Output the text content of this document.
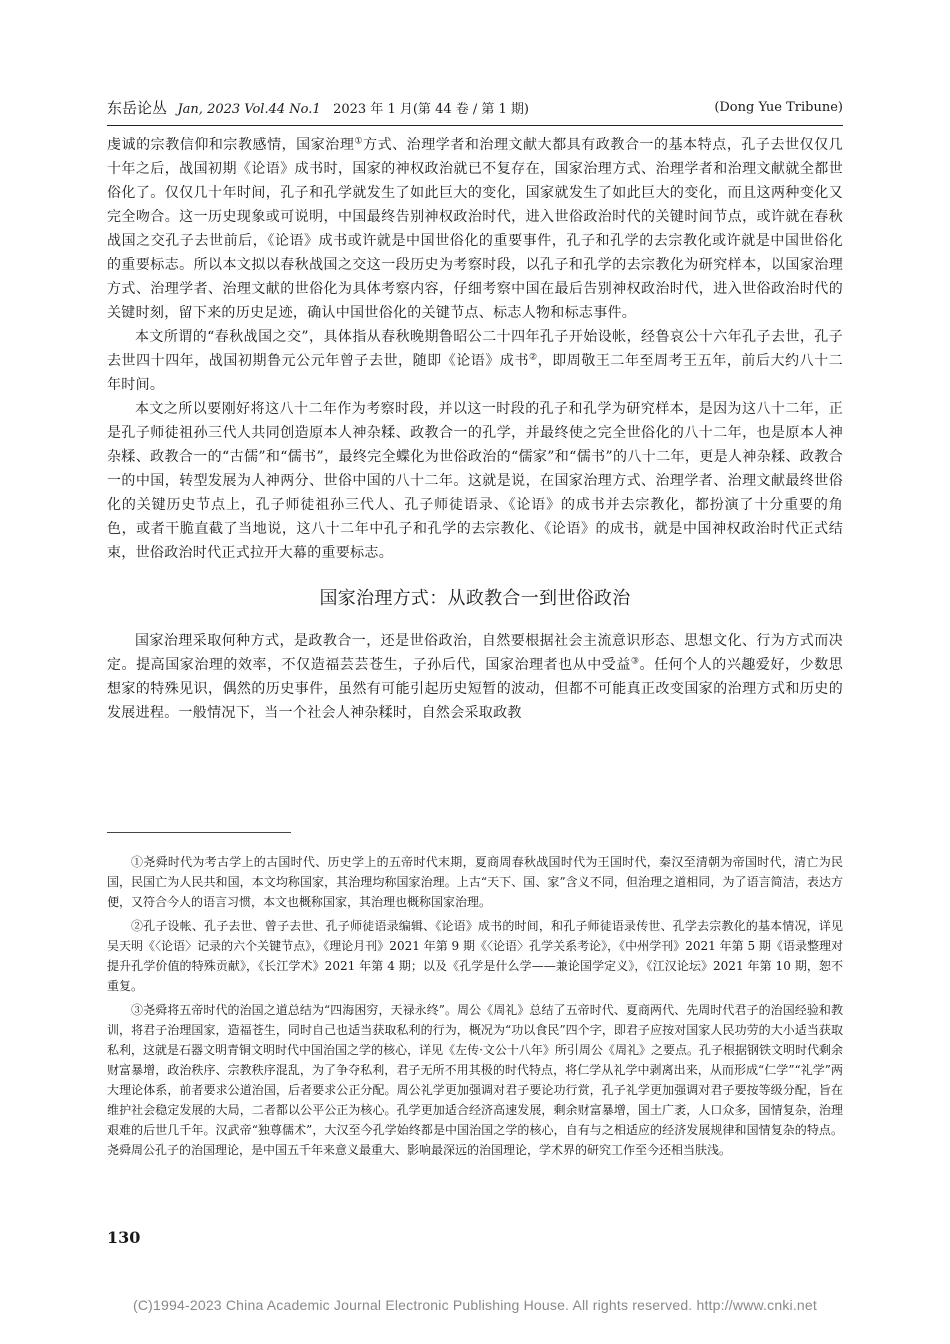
东岳论丛 Jan, 2023 Vol.44 No.1 2023 年 1 月(第 44 卷 / 第 1 期)	(Dong Yue Tribune)

虔诚的宗教信仰和宗教感情，国家治理①方式、治理学者和治理文献大都具有政教合一的基本特点，孔子去世仅仅几十年之后，战国初期《论语》成书时，国家的神权政治就已不复存在，国家治理方式、治理学者和治理文献就全都世俗化了。仅仅几十年时间，孔子和孔学就发生了如此巨大的变化，国家就发生了如此巨大的变化，而且这两种变化又完全吻合。这一历史现象或可说明，中国最终告别神权政治时代，进入世俗政治时代的关键时间节点，或许就在春秋战国之交孔子去世前后，《论语》成书或许就是中国世俗化的重要事件，孔子和孔学的去宗教化或许就是中国世俗化的重要标志。所以本文拟以春秋战国之交这一段历史为考察时段，以孔子和孔学的去宗教化为研究样本，以国家治理方式、治理学者、治理文献的世俗化为具体考察内容，仔细考察中国在最后告别神权政治时代，进入世俗政治时代的关键时刻，留下来的历史足迹，确认中国世俗化的关键节点、标志人物和标志事件。

本文所谓的“春秋战国之交”，具体指从春秋晚期鲁昭公二十四年孔子开始设帐，经鲁哀公十六年孔子去世，孔子去世四十四年，战国初期鲁元公元年曾子去世，随即《论语》成书②，即周敬王二年至周考王五年，前后大约八十二年时间。

本文之所以要刚好将这八十二年作为考察时段，并以这一时段的孔子和孔学为研究样本，是因为这八十二年，正是孔子师徒祖孙三代人共同创造原本人神杂糅、政教合一的孔学，并最终使之完全世俗化的八十二年，也是原本人神杂糅、政教合一的“古儒”和“儒书”，最终完全蝶化为世俗政治的“儒家”和“儒书”的八十二年，更是人神杂糅、政教合一的中国，转型发展为人神两分、世俗中国的八十二年。这就是说，在国家治理方式、治理学者、治理文献最终世俗化的关键历史节点上，孔子师徒祖孙三代人、孔子师徒语录、《论语》的成书并去宗教化，都扮演了十分重要的角色，或者干脆直截了当地说，这八十二年中孔子和孔学的去宗教化、《论语》的成书，就是中国神权政治时代正式结束，世俗政治时代正式拉开大幕的重要标志。

国家治理方式：从政教合一到世俗政治

国家治理采取何种方式，是政教合一，还是世俗政治，自然要根据社会主流意识形态、思想文化、行为方式而决定。提高国家治理的效率，不仅造福芸芸苍生，子孙后代，国家治理者也从中受益③。任何个人的兴趣爱好，少数思想家的特殊见识，偶然的历史事件，虽然有可能引起历史短暂的波动，但都不可能真正改变国家的治理方式和历史的发展进程。一般情况下，当一个社会人神杂糅时，自然会采取政教

①尧舜时代为考古学上的古国时代、历史学上的五帝时代末期，夏商周春秋战国时代为王国时代，秦汉至清朝为帝国时代，清亡为民国，民国亡为人民共和国，本文均称国家，其治理均称国家治理。上古“天下、国、家”含义不同，但治理之道相同，为了语言简洁，表达方便，又符合今人的语言习惯，本文也概称国家，其治理也概称国家治理。

②孔子设帐、孔子去世、曾子去世、孔子师徒语录编辑、《论语》成书的时间，和孔子师徒语录传世、孔学去宗教化的基本情况，详见吴天明《〈论语〉记录的六个关键节点》，《理论月刊》2021 年第 9 期《〈论语〉孔学关系考论》，《中州学刊》2021 年第 5 期《语录整理对提升孔学价值的特殊贡献》，《长江学术》2021 年第 4 期；以及《孔学是什么学——兼论国学定义》，《江汉论坛》2021 年第 10 期，恕不重复。

③尧舜将五帝时代的治国之道总结为“四海困穷，天禄永终”。周公《周礼》总结了五帝时代、夏商两代、先周时代君子的治国经验和教训，将君子治理国家，造福苍生，同时自己也适当获取私利的行为，概况为“功以食民”四个字，即君子应按对国家人民功劳的大小适当获取私利，这就是石器文明青铜文明时代中国治国之学的核心，详见《左传·文公十八年》所引周公《周礼》之要点。孔子根据钢铁文明时代剩余财富暴增，政治秩序、宗教秩序混乱，为了争夺私利，君子无所不用其极的时代特点，将仁学从礼学中剥离出来，从而形成“仁学”“礼学”两大理论体系，前者要求公道治国，后者要求公正分配。周公礼学更加强调对君子要论功行赏，孔子礼学更加强调对君子要按等级分配，旨在维护社会稳定发展的大局，二者都以公平公正为核心。孔学更加适合经济高速发展，剩余财富暴增，国土广袤，人口众多，国情复杂，治理艰难的后世几千年。汉武帝“独尊儒术”，大汉至今孔学始终都是中国治国之学的核心，自有与之相适应的经济发展规律和国情复杂的特点。尧舜周公孔子的治国理论，是中国五千年来意义最重大、影响最深远的治国理论，学术界的研究工作至今还相当肤浅。

130
(C)1994-2023 China Academic Journal Electronic Publishing House. All rights reserved. http://www.cnki.net
